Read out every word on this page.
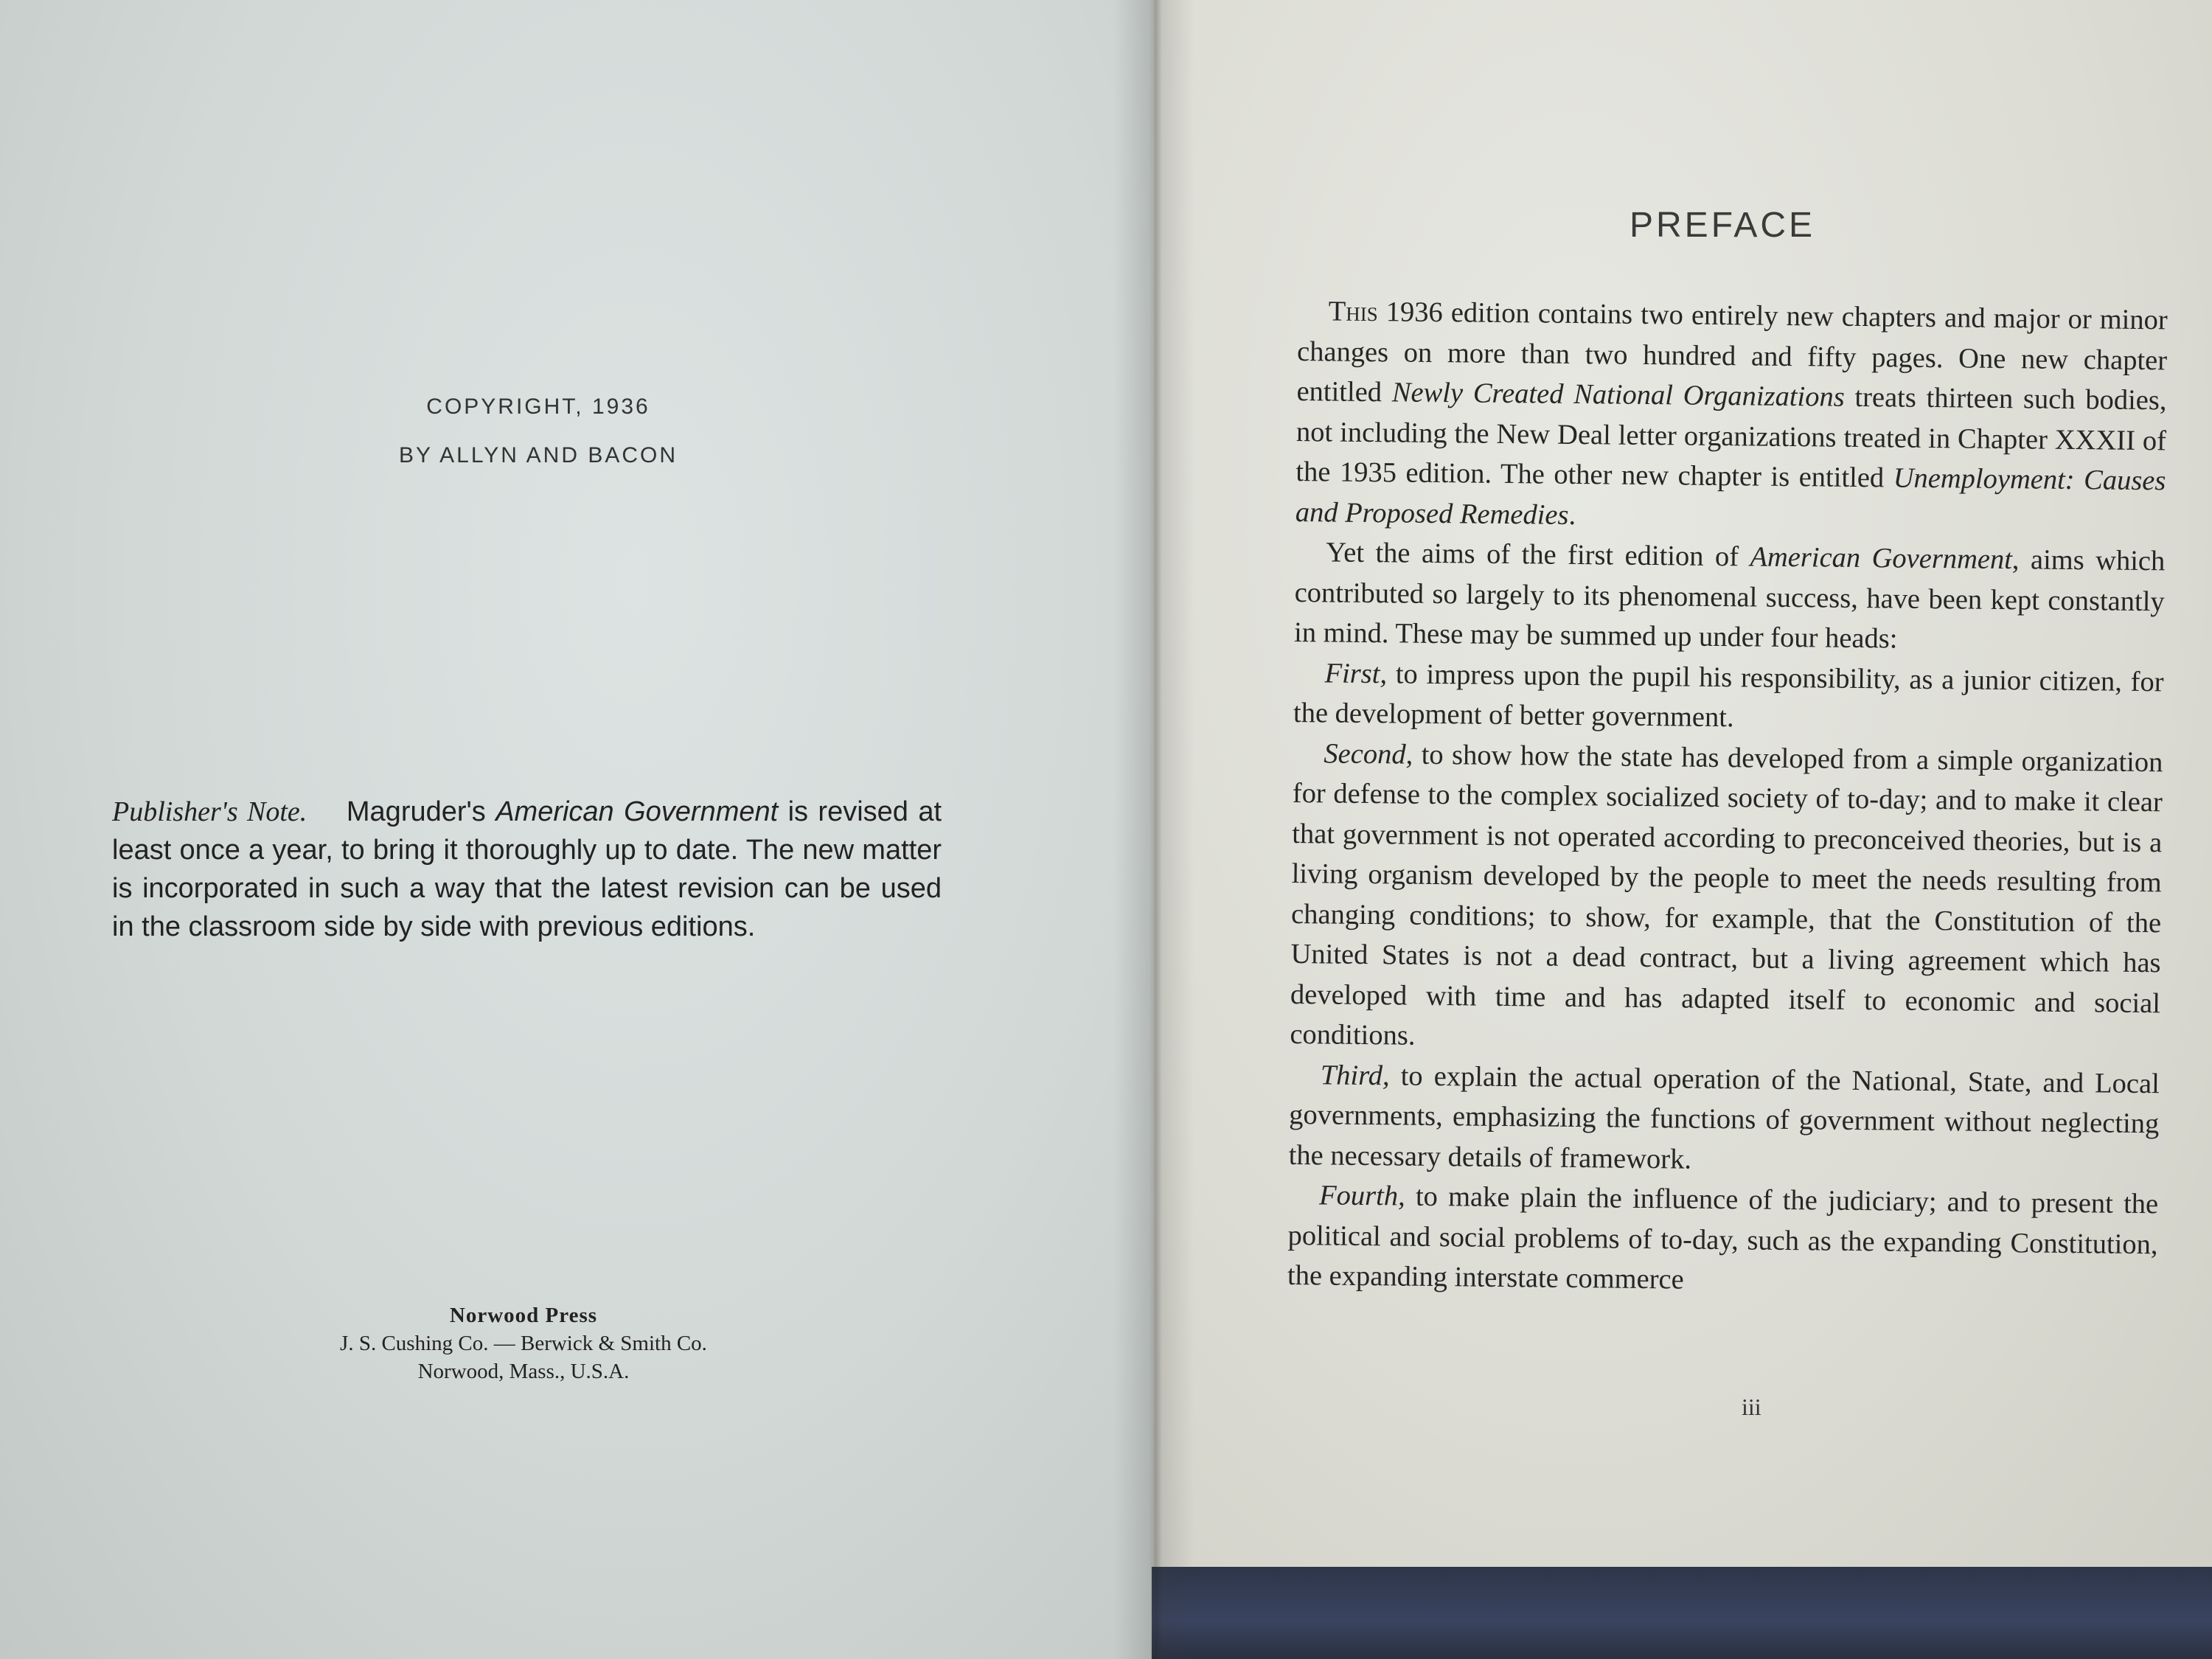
COPYRIGHT, 1936
BY ALLYN AND BACON
Publisher's Note. Magruder's American Government is revised at least once a year, to bring it thoroughly up to date. The new matter is incorporated in such a way that the latest revision can be used in the classroom side by side with previous editions.
Norwood Press
J. S. Cushing Co. — Berwick & Smith Co.
Norwood, Mass., U.S.A.
PREFACE

This 1936 edition contains two entirely new chapters and major or minor changes on more than two hundred and fifty pages. One new chapter entitled Newly Created National Organizations treats thirteen such bodies, not including the New Deal letter organizations treated in Chapter XXXII of the 1935 edition. The other new chapter is entitled Unemployment: Causes and Proposed Remedies.

Yet the aims of the first edition of American Government, aims which contributed so largely to its phenomenal success, have been kept constantly in mind. These may be summed up under four heads:

First, to impress upon the pupil his responsibility, as a junior citizen, for the development of better government.

Second, to show how the state has developed from a simple organization for defense to the complex socialized society of to-day; and to make it clear that government is not operated according to preconceived theories, but is a living organism developed by the people to meet the needs resulting from changing conditions; to show, for example, that the Constitution of the United States is not a dead contract, but a living agreement which has developed with time and has adapted itself to economic and social conditions.

Third, to explain the actual operation of the National, State, and Local governments, emphasizing the functions of government without neglecting the necessary details of framework.

Fourth, to make plain the influence of the judiciary; and to present the political and social problems of to-day, such as the expanding Constitution, the expanding interstate commerce

iii
